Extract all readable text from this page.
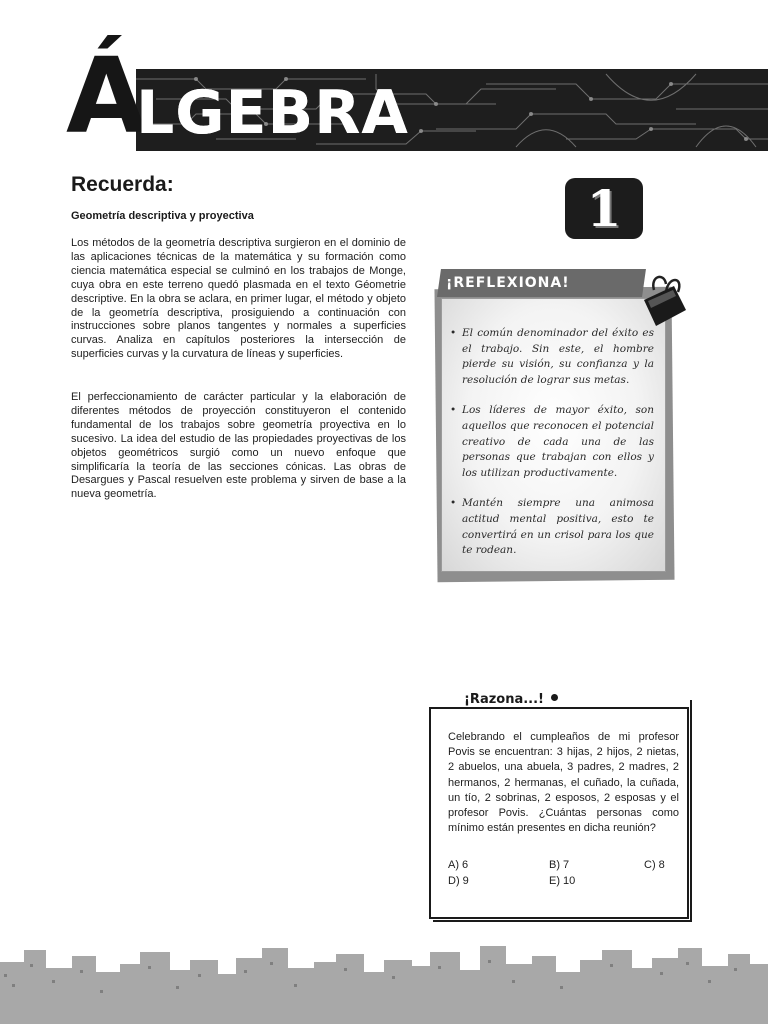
Á
LGEBRA
Recuerda:
Geometría descriptiva y proyectiva

Los métodos de la geometría descriptiva surgieron en el dominio de las aplicaciones técnicas de la matemática y su formación como ciencia matemática especial se culminó en los trabajos de Monge, cuya obra en este terreno quedó plasmada en el texto Géometrie descriptive. En la obra se aclara, en primer lugar, el método y objeto de la geometría descriptiva, prosiguiendo a continuación con instrucciones sobre planos tangentes y normales a superficies curvas. Analiza en capítulos posteriores la intersección de superficies curvas y la curvatura de líneas y superficies.

El perfeccionamiento de carácter particular y la elaboración de diferentes métodos de proyección constituyeron el contenido fundamental de los trabajos sobre geometría proyectiva en lo sucesivo. La idea del estudio de las propiedades proyectivas de los objetos geométricos surgió como un nuevo enfoque que simplificaría la teoría de las secciones cónicas. Las obras de Desargues y Pascal resuelven este problema y sirven de base a la nueva geometría.

1
¡REFLEXIONA!
• El común denominador del éxito es el trabajo. Sin este, el hombre pierde su visión, su confianza y la resolución de lograr sus metas.
• Los líderes de mayor éxito, son aquellos que reconocen el potencial creativo de cada una de las personas que trabajan con ellos y los utilizan productivamente.
• Mantén siempre una animosa actitud mental positiva, esto te convertirá en un crisol para los que te rodean.
¡Razona...!

Celebrando el cumpleaños de mi profesor Povis se encuentran: 3 hijas, 2 hijos, 2 nietas, 2 abuelos, una abuela, 3 padres, 2 madres, 2 hermanos, 2 hermanas, el cuñado, la cuñada, un tío, 2 sobrinas, 2 esposos, 2 esposas y el profesor Povis. ¿Cuántas personas como mínimo están presentes en dicha reunión?

A) 6	B) 7	C) 8
D) 9	E) 10
